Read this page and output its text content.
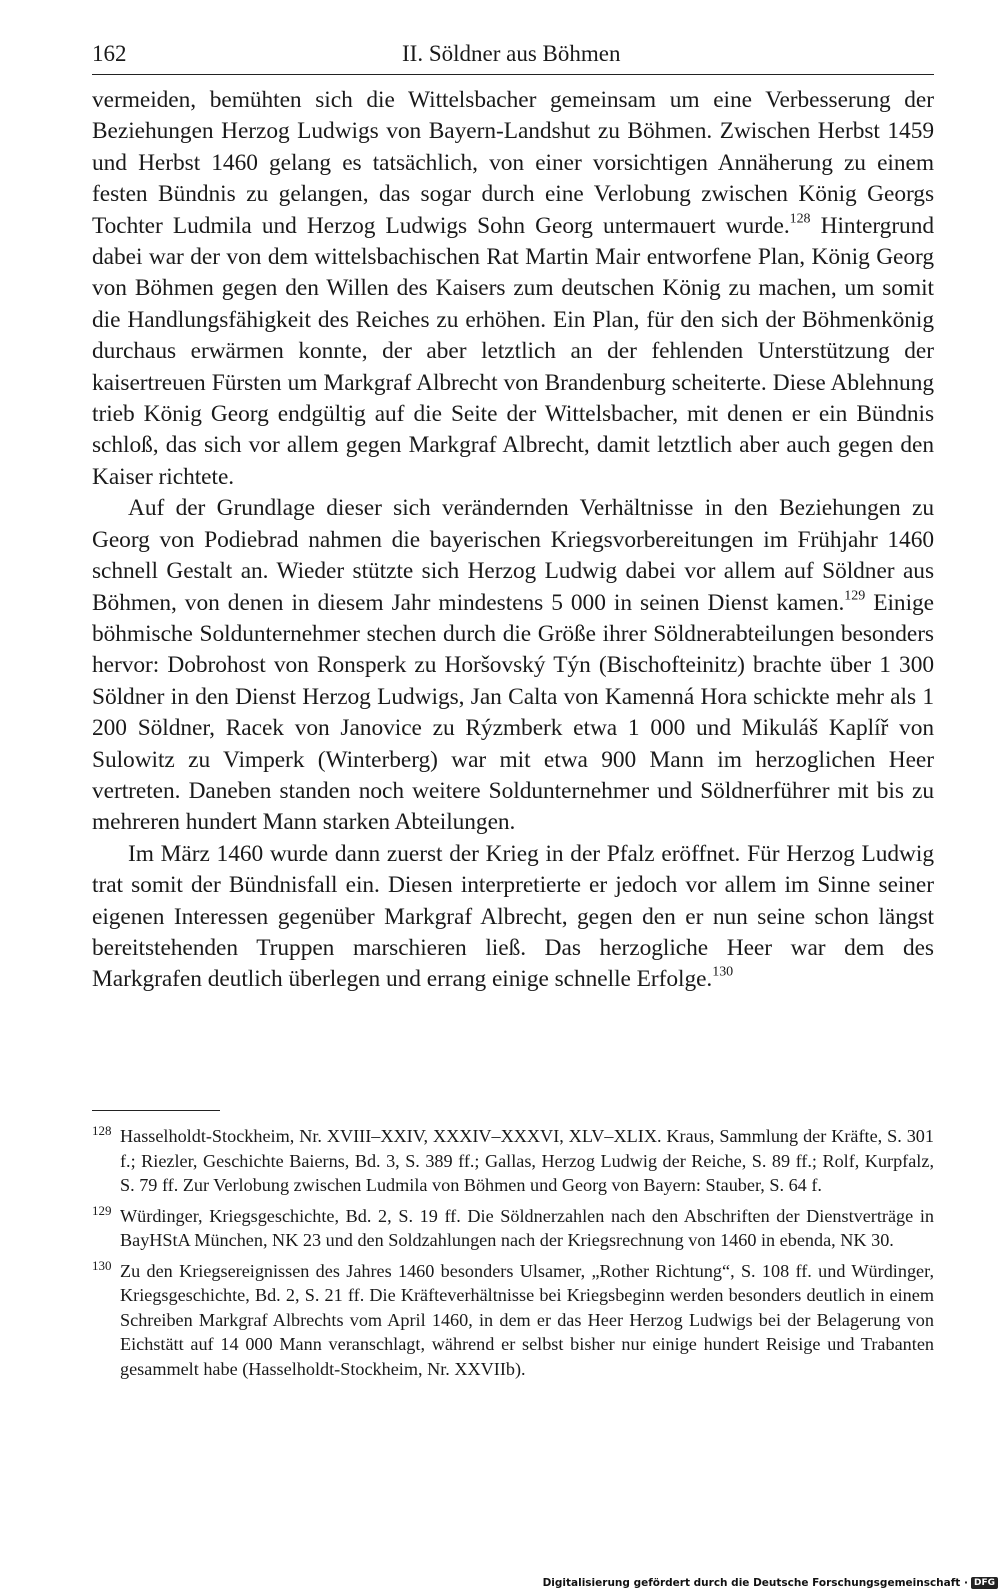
162	II. Söldner aus Böhmen

vermeiden, bemühten sich die Wittelsbacher gemeinsam um eine Verbesserung der Beziehungen Herzog Ludwigs von Bayern-Landshut zu Böhmen. Zwischen Herbst 1459 und Herbst 1460 gelang es tatsächlich, von einer vorsichtigen Annäherung zu einem festen Bündnis zu gelangen, das sogar durch eine Verlobung zwischen König Georgs Tochter Ludmila und Herzog Ludwigs Sohn Georg untermauert wurde.$^{128}$ Hintergrund dabei war der von dem wittelsbachischen Rat Martin Mair entworfene Plan, König Georg von Böhmen gegen den Willen des Kaisers zum deutschen König zu machen, um somit die Handlungsfähigkeit des Reiches zu erhöhen. Ein Plan, für den sich der Böhmenkönig durchaus erwärmen konnte, der aber letztlich an der fehlenden Unterstützung der kaisertreuen Fürsten um Markgraf Albrecht von Brandenburg scheiterte. Diese Ablehnung trieb König Georg endgültig auf die Seite der Wittelsbacher, mit denen er ein Bündnis schloß, das sich vor allem gegen Markgraf Albrecht, damit letztlich aber auch gegen den Kaiser richtete.

Auf der Grundlage dieser sich verändernden Verhältnisse in den Beziehungen zu Georg von Podiebrad nahmen die bayerischen Kriegsvorbereitungen im Frühjahr 1460 schnell Gestalt an. Wieder stützte sich Herzog Ludwig dabei vor allem auf Söldner aus Böhmen, von denen in diesem Jahr mindestens 5 000 in seinen Dienst kamen.$^{129}$ Einige böhmische Soldunternehmer stechen durch die Größe ihrer Söldnerabteilungen besonders hervor: Dobrohost von Ronsperk zu Horšovský Týn (Bischofteinitz) brachte über 1 300 Söldner in den Dienst Herzog Ludwigs, Jan Calta von Kamenná Hora schickte mehr als 1 200 Söldner, Racek von Janovice zu Rýzmberk etwa 1 000 und Mikuláš Kaplíř von Sulowitz zu Vimperk (Winterberg) war mit etwa 900 Mann im herzoglichen Heer vertreten. Daneben standen noch weitere Soldunternehmer und Söldnerführer mit bis zu mehreren hundert Mann starken Abteilungen.

Im März 1460 wurde dann zuerst der Krieg in der Pfalz eröffnet. Für Herzog Ludwig trat somit der Bündnisfall ein. Diesen interpretierte er jedoch vor allem im Sinne seiner eigenen Interessen gegenüber Markgraf Albrecht, gegen den er nun seine schon längst bereitstehenden Truppen marschieren ließ. Das herzogliche Heer war dem des Markgrafen deutlich überlegen und errang einige schnelle Erfolge.$^{130}$

128 Hasselholdt-Stockheim, Nr. XVIII–XXIV, XXXIV–XXXVI, XLV–XLIX. Kraus, Sammlung der Kräfte, S. 301 f.; Riezler, Geschichte Baierns, Bd. 3, S. 389 ff.; Gallas, Herzog Ludwig der Reiche, S. 89 ff.; Rolf, Kurpfalz, S. 79 ff. Zur Verlobung zwischen Ludmila von Böhmen und Georg von Bayern: Stauber, S. 64 f.
129 Würdinger, Kriegsgeschichte, Bd. 2, S. 19 ff. Die Söldnerzahlen nach den Abschriften der Dienstverträge in BayHStA München, NK 23 und den Soldzahlungen nach der Kriegsrechnung von 1460 in ebenda, NK 30.
130 Zu den Kriegsereignissen des Jahres 1460 besonders Ulsamer, „Rother Richtung“, S. 108 ff. und Würdinger, Kriegsgeschichte, Bd. 2, S. 21 ff. Die Kräfteverhältnisse bei Kriegsbeginn werden besonders deutlich in einem Schreiben Markgraf Albrechts vom April 1460, in dem er das Heer Herzog Ludwigs bei der Belagerung von Eichstätt auf 14 000 Mann veranschlagt, während er selbst bisher nur einige hundert Reisige und Trabanten gesammelt habe (Hasselholdt-Stockheim, Nr. XXVIIb).
Digitalisierung gefördert durch die Deutsche Forschungsgemeinschaft · DFG
